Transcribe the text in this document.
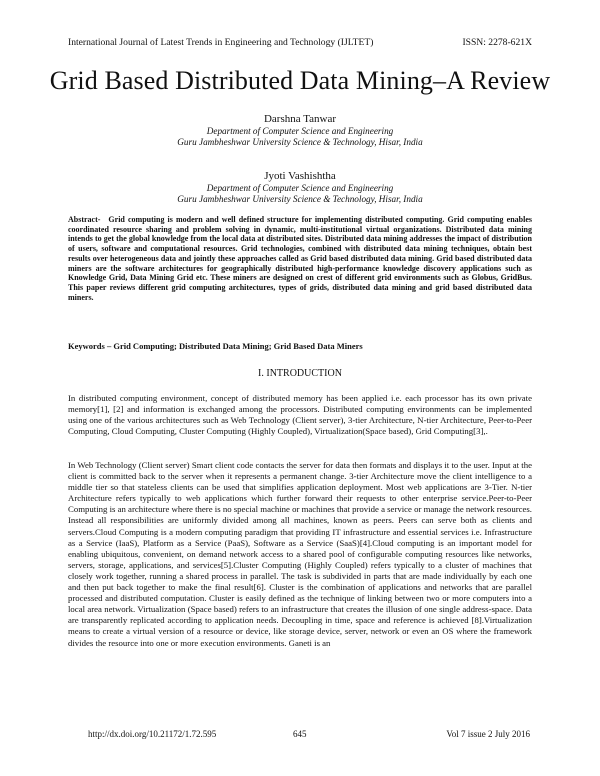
International Journal of Latest Trends in Engineering and Technology (IJLTET)	ISSN: 2278-621X
Grid Based Distributed Data Mining–A Review
Darshna Tanwar
Department of Computer Science and Engineering
Guru Jambheshwar University Science & Technology, Hisar, India
Jyoti Vashishtha
Department of Computer Science and Engineering
Guru Jambheshwar University Science & Technology, Hisar, India
Abstract- Grid computing is modern and well defined structure for implementing distributed computing. Grid computing enables coordinated resource sharing and problem solving in dynamic, multi-institutional virtual organizations. Distributed data mining intends to get the global knowledge from the local data at distributed sites. Distributed data mining addresses the impact of distribution of users, software and computational resources. Grid technologies, combined with distributed data mining techniques, obtain best results over heterogeneous data and jointly these approaches called as Grid based distributed data mining. Grid based distributed data miners are the software architectures for geographically distributed high-performance knowledge discovery applications such as Knowledge Grid, Data Mining Grid etc. These miners are designed on crest of different grid environments such as Globus, GridBus. This paper reviews different grid computing architectures, types of grids, distributed data mining and grid based distributed data miners.
Keywords – Grid Computing; Distributed Data Mining; Grid Based Data Miners
I. INTRODUCTION
In distributed computing environment, concept of distributed memory has been applied i.e. each processor has its own private memory[1], [2] and information is exchanged among the processors. Distributed computing environments can be implemented using one of the various architectures such as Web Technology (Client server), 3-tier Architecture, N-tier Architecture, Peer-to-Peer Computing, Cloud Computing, Cluster Computing (Highly Coupled), Virtualization(Space based), Grid Computing[3],.
In Web Technology (Client server) Smart client code contacts the server for data then formats and displays it to the user. Input at the client is committed back to the server when it represents a permanent change. 3-tier Architecture move the client intelligence to a middle tier so that stateless clients can be used that simplifies application deployment. Most web applications are 3-Tier. N-tier Architecture refers typically to web applications which further forward their requests to other enterprise service.Peer-to-Peer Computing is an architecture where there is no special machine or machines that provide a service or manage the network resources. Instead all responsibilities are uniformly divided among all machines, known as peers. Peers can serve both as clients and servers.Cloud Computing is a modern computing paradigm that providing IT infrastructure and essential services i.e. Infrastructure as a Service (IaaS), Platform as a Service (PaaS), Software as a Service (SaaS)[4].Cloud computing is an important model for enabling ubiquitous, convenient, on demand network access to a shared pool of configurable computing resources like networks, servers, storage, applications, and services[5].Cluster Computing (Highly Coupled) refers typically to a cluster of machines that closely work together, running a shared process in parallel. The task is subdivided in parts that are made individually by each one and then put back together to make the final result[6]. Cluster is the combination of applications and networks that are parallel processed and distributed computation. Cluster is easily defined as the technique of linking between two or more computers into a local area network. Virtualization (Space based) refers to an infrastructure that creates the illusion of one single address-space. Data are transparently replicated according to application needs. Decoupling in time, space and reference is achieved [8].Virtualization means to create a virtual version of a resource or device, like storage device, server, network or even an OS where the framework divides the resource into one or more execution environments. Ganeti is an
http://dx.doi.org/10.21172/1.72.595	645	Vol 7 issue 2 July 2016
